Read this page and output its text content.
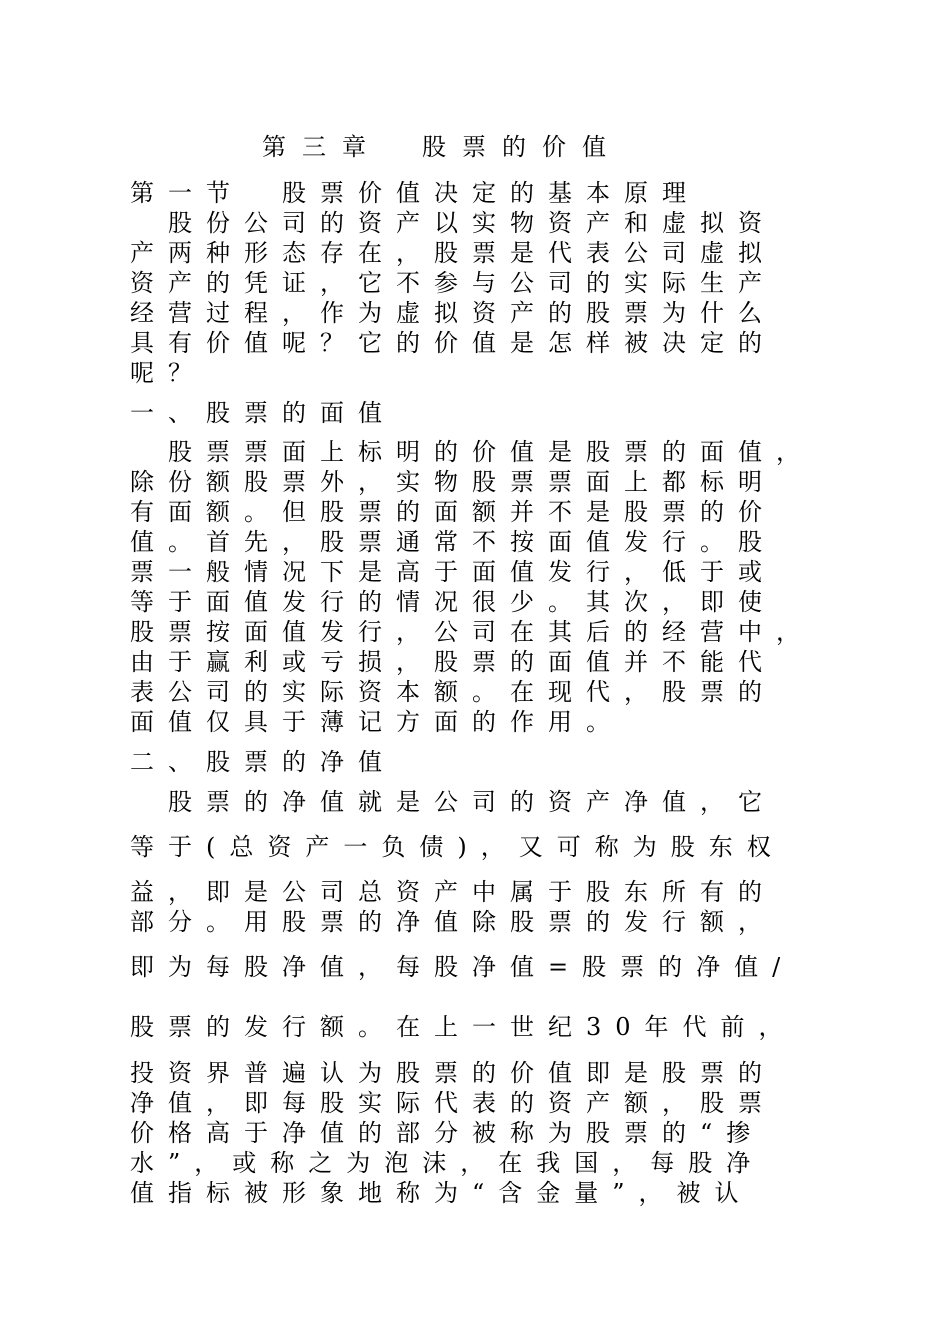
第三章　股票的价值
第一节　股票价值决定的基本原理
股份公司的资产以实物资产和虚拟资
产两种形态存在，股票是代表公司虚拟
资产的凭证，它不参与公司的实际生产
经营过程，作为虚拟资产的股票为什么
具有价值呢？它的价值是怎样被决定的
呢？
一、股票的面值
股票票面上标明的价值是股票的面值，
除份额股票外，实物股票票面上都标明
有面额。但股票的面额并不是股票的价
值。首先，股票通常不按面值发行。股
票一般情况下是高于面值发行，低于或
等于面值发行的情况很少。其次，即使
股票按面值发行，公司在其后的经营中，
由于赢利或亏损，股票的面值并不能代
表公司的实际资本额。在现代，股票的
面值仅具于薄记方面的作用。
二、股票的净值
股票的净值就是公司的资产净值，它
等于(总资产一负债)，又可称为股东权
益，即是公司总资产中属于股东所有的
部分。用股票的净值除股票的发行额，
即为每股净值，每股净值=股票的净值/
股票的发行额。在上一世纪30年代前，
投资界普遍认为股票的价值即是股票的
净值，即每股实际代表的资产额，股票
价格高于净值的部分被称为股票的“掺
水”，或称之为泡沫，在我国，每股净
值指标被形象地称为“含金量”，被认
